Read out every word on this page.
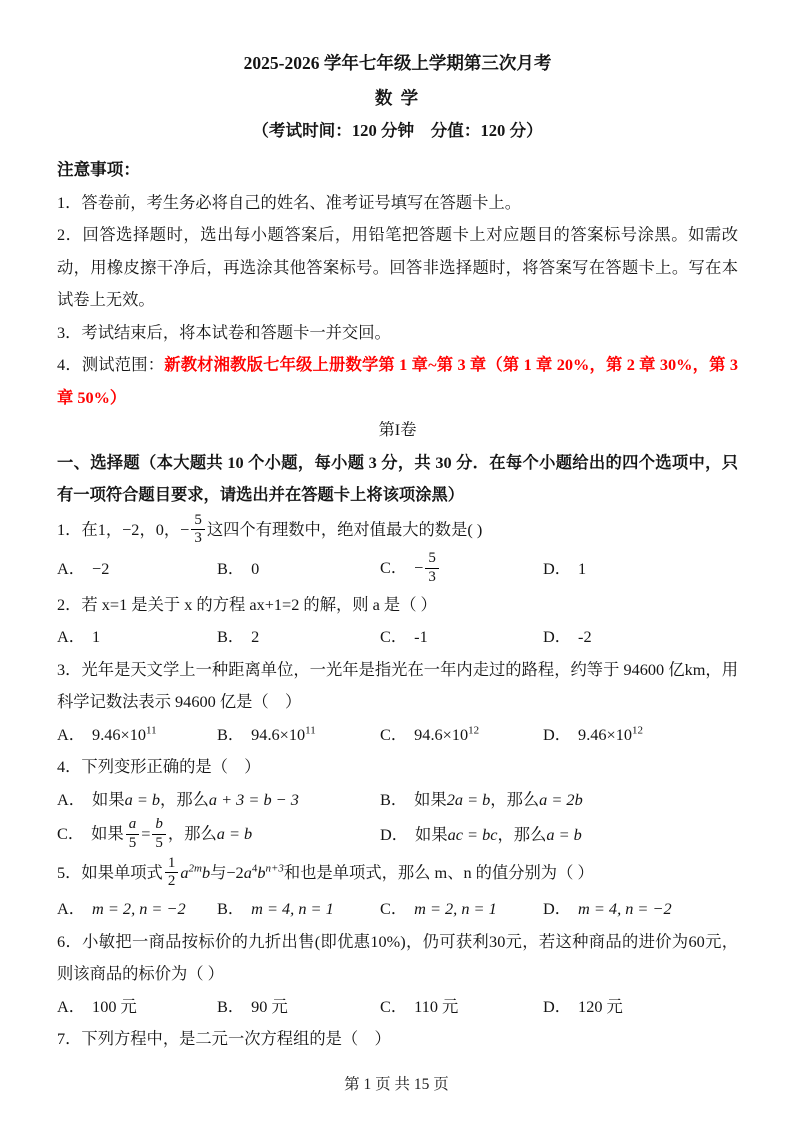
2025-2026 学年七年级上学期第三次月考
数 学
（考试时间：120 分钟　分值：120 分）
注意事项：

1．答卷前，考生务必将自己的姓名、准考证号填写在答题卡上。

2．回答选择题时，选出每小题答案后，用铅笔把答题卡上对应题目的答案标号涂黑。如需改动，用橡皮擦干净后，再选涂其他答案标号。回答非选择题时，将答案写在答题卡上。写在本试卷上无效。

3．考试结束后，将本试卷和答题卡一并交回。

4．测试范围：新教材湘教版七年级上册数学第 1 章~第 3 章（第 1 章 20%，第 2 章 30%，第 3 章 50%）

第I卷

一、选择题（本大题共 10 个小题，每小题 3 分，共 30 分．在每个小题给出的四个选项中，只有一项符合题目要求，请选出并在答题卡上将该项涂黑）

1．在1，−2，0，− $\frac{5}{3}$ 这四个有理数中，绝对值最大的数是( )

A． −2	B． 0	C． − $\frac{5}{3}$	D． 1

2．若 x=1 是关于 x 的方程 ax+1=2 的解，则 a 是（ ）

A． 1	B． 2	C． -1	D． -2

3．光年是天文学上一种距离单位，一光年是指光在一年内走过的路程，约等于 94600 亿km，用科学记数法表示 94600 亿是（　）

A． $9.46\times 10^{11}$	B． $94.6\times 10^{11}$	C． $94.6\times 10^{12}$	D． $9.46\times 10^{12}$

4．下列变形正确的是（　）

A． 如果a = b，那么a + 3 = b − 3	B． 如果2a = b，那么a = 2b
C． 如果 $\frac{a}{5} = \frac{b}{5}$ ，那么a = b	D． 如果ac = bc，那么a = b

5．如果单项式 $\frac{1}{2} a^{2m}b$与$-2a^4b^{n+3}$和也是单项式，那么 m、n 的值分别为（ ）

A． m = 2, n = −2	B． m = 4, n = 1	C． m = 2, n = 1	D． m = 4, n = −2

6．小敏把一商品按标价的九折出售(即优惠10%)，仍可获利30元，若这种商品的进价为60元，则该商品的标价为（ ）

A． 100 元	B． 90 元	C． 110 元	D． 120 元

7．下列方程中，是二元一次方程组的是（　）

第 1 页 共 15 页
